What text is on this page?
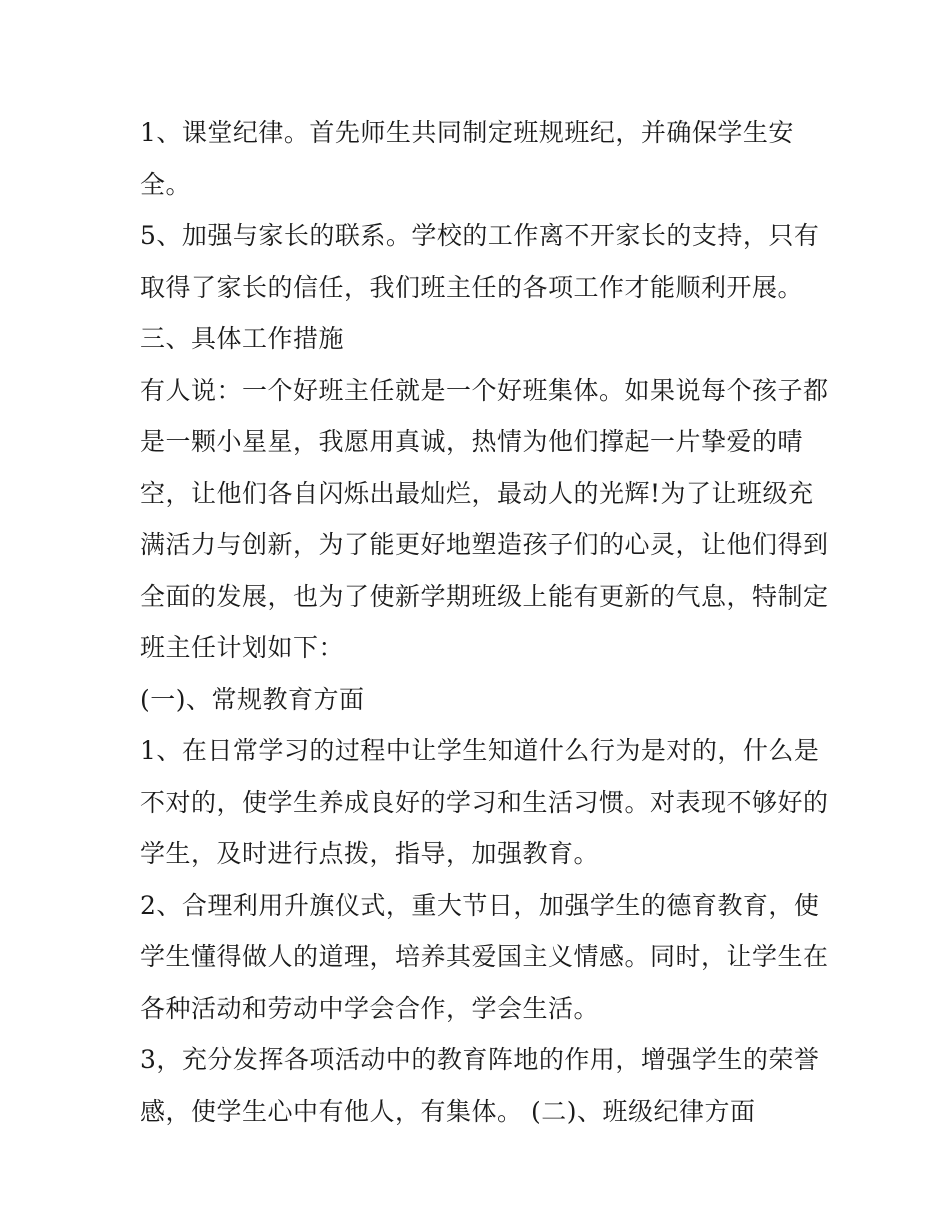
1、课堂纪律。首先师生共同制定班规班纪，并确保学生安全。

5、加强与家长的联系。学校的工作离不开家长的支持，只有取得了家长的信任，我们班主任的各项工作才能顺利开展。

三、具体工作措施

有人说：一个好班主任就是一个好班集体。如果说每个孩子都是一颗小星星，我愿用真诚，热情为他们撑起一片挚爱的晴空，让他们各自闪烁出最灿烂，最动人的光辉!为了让班级充满活力与创新，为了能更好地塑造孩子们的心灵，让他们得到全面的发展，也为了使新学期班级上能有更新的气息，特制定班主任计划如下：

(一)、常规教育方面

1、在日常学习的过程中让学生知道什么行为是对的，什么是不对的，使学生养成良好的学习和生活习惯。对表现不够好的学生，及时进行点拨，指导，加强教育。

2、合理利用升旗仪式，重大节日，加强学生的德育教育，使学生懂得做人的道理，培养其爱国主义情感。同时，让学生在各种活动和劳动中学会合作，学会生活。

3，充分发挥各项活动中的教育阵地的作用，增强学生的荣誉感，使学生心中有他人，有集体。 (二)、班级纪律方面
